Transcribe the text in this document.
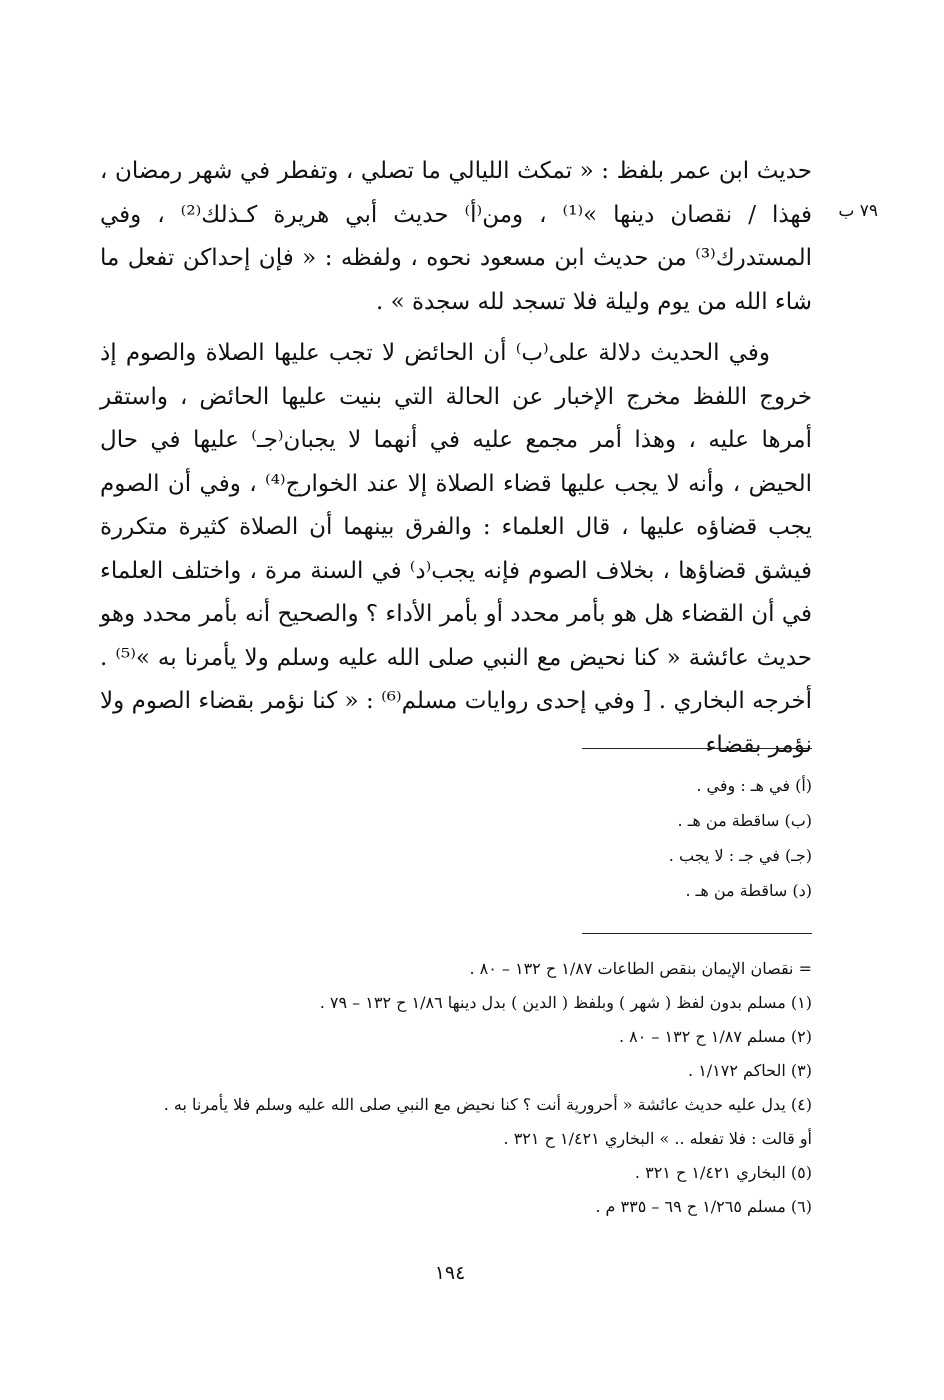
حديث ابن عمر بلفظ : « تمكث الليالي ما تصلي ، وتفطر في شهر رمضان ، فهذا / نقصان دينها »⁽¹⁾ ، ومن⁽أ⁾ حديث أبي هريرة كـذلك⁽²⁾ ، وفي المستدرك⁽³⁾ من حديث ابن مسعود نحوه ، ولفظه : « فإن إحداكن تفعل ما شاء الله من يوم وليلة فلا تسجد لله سجدة » .

وفي الحديث دلالة على⁽ب⁾ أن الحائض لا تجب عليها الصلاة والصوم إذ خروج اللفظ مخرج الإخبار عن الحالة التي بنيت عليها الحائض ، واستقر أمرها عليه ، وهذا أمر مجمع عليه في أنهما لا يجبان⁽جـ⁾ عليها في حال الحيض ، وأنه لا يجب عليها قضاء الصلاة إلا عند الخوارج⁽⁴⁾ ، وفي أن الصوم يجب قضاؤه عليها ، قال العلماء : والفرق بينهما أن الصلاة كثيرة متكررة فيشق قضاؤها ، بخلاف الصوم فإنه يجب⁽د⁾ في السنة مرة ، واختلف العلماء في أن القضاء هل هو بأمر محدد أو بأمر الأداء ؟ والصحيح أنه بأمر محدد وهو حديث عائشة « كنا نحيض مع النبي صلى الله عليه وسلم ولا يأمرنا به »⁽⁵⁾ . أخرجه البخاري . [ وفي إحدى روايات مسلم⁽⁶⁾ : « كنا نؤمر بقضاء الصوم ولا نؤمر بقضاء

٧٩ ب
(أ) في هـ : وفي .
(ب) ساقطة من هـ .
(جـ) في جـ : لا يجب .
(د) ساقطة من هـ .
= نقصان الإيمان بنقص الطاعات ١/٨٧ ح ١٣٢ – ٨٠ .
(١) مسلم بدون لفظ ( شهر ) وبلفظ ( الدين ) بدل دينها ١/٨٦ ح ١٣٢ – ٧٩ .
(٢) مسلم ١/٨٧ ح ١٣٢ – ٨٠ .
(٣) الحاكم ١/١٧٢ .
(٤) يدل عليه حديث عائشة « أحرورية أنت ؟ كنا نحيض مع النبي صلى الله عليه وسلم فلا يأمرنا به .
أو قالت : فلا تفعله .. » البخاري ١/٤٢١ ح ٣٢١ .
(٥) البخاري ١/٤٢١ ح ٣٢١ .
(٦) مسلم ١/٢٦٥ ح ٦٩ – ٣٣٥ م .
١٩٤
